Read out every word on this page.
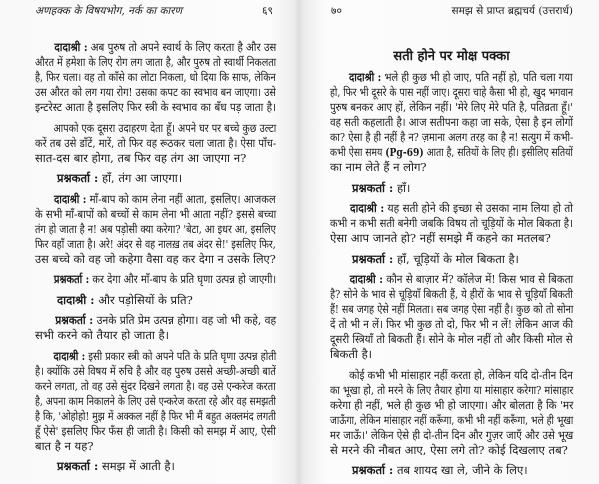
अणहक्क के विषयभोग, नर्क का कारण	६९	७०	समझ से प्राप्त ब्रह्मचर्य (उत्तरार्ध)
सती होने पर मोक्ष पक्का
दादाश्री : अब पुरुष तो अपने स्वार्थ के लिए करता है और उस
औरत में हमेशा के लिए रोग लग जाता है, और पुरुष तो स्वार्थी निकलता
है, फिर चला। वह तो काँसे का लोटा निकला, धो दिया कि साफ, लेकिन
उस औरत को लग गया रोग! उसका कपट का स्वभाव बन जाएगा। उसे
इन्टरेस्ट आता है इसलिए फिर स्त्री के स्वभाव का बँध पड़ जाता है।
आपको एक दूसरा उदाहरण देता हूँ। अपने घर पर बच्चे कुछ उल्टा
करें तब उसे डाँटें, मारें, तो फिर वह रूठकर चला जाता है। ऐसा पाँच-
सात-दस बार होगा, तब फिर वह तंग आ जाएगा न?
प्रश्नकर्ता : हाँ, तंग आ जाएगा।
दादाश्री : माँ-बाप को काम लेना नहीं आता, इसलिए। आजकल
के सभी माँ-बापों को बच्चों से काम लेना भी आता नहीं? इससे बच्चा
तंग हो जाता है न! अब पड़ोसी क्या करेगा? 'बेटा, आ इधर आ, इसलिए
फिर वहाँ जाता है। अरे! अंदर से वह नालख़ तब अंदर से!' इसलिए फिर,
उस बच्चे को वह जो कहेगा वैसा वह कर देगा न उसके लिए?
प्रश्नकर्ता : कर देगा और माँ-बाप के प्रति घृणा उत्पन्न हो जाएगी।
दादाश्री : और पड़ोसियों के प्रति?
प्रश्नकर्ता : उनके प्रति प्रेम उत्पन्न होगा। वह जो भी कहे, वह
सभी करने को तैयार हो जाता है।
दादाश्री : इसी प्रकार स्त्री को अपने पति के प्रति घृणा उत्पन्न होती
है। क्योंकि उसे विषय में रुचि है और वह पुरुष उससे अच्छी-अच्छी बातें
करने लगता, तो वह उसे सुंदर दिखने लगता है। वह उसे एन्करेज करता
है, अपना काम निकालने के लिए उसे एन्करेज करता रहे और वह समझती
है कि, 'ओहोहो! मुझ में अक्कल नहीं है फिर भी मैं बहुत अक्लमंद लगती
हूँ ऐसे' इसलिए फिर फँस ही जाती है। किसी को समझ में आए, ऐसी
बात है न यह?
प्रश्नकर्ता : समझ में आती है।
दादाश्री : भले ही कुछ भी हो जाए, पति नहीं हो, पति चला गया
हो, फिर भी दूसरे के पास नहीं जाए। दूसरा चाहे कैसा भी हो, खुद भगवान
पुरुष बनकर आए हों, लेकिन नहीं। 'मेरे लिए मेरे पति है, पतिव्रता हूँ।'
वह सती कहलाती है। आज सतीपना कहा जा सके, ऐसा है इन लोगों
का? ऐसा है ही नहीं है न? ज़माना अलग तरह का है न! सत्युग में कभी-
कभी ऐसा समय (Pg-69) आता है, सतियों के लिए ही। इसीलिए सतियों
का नाम लेते हैं न लोग?
प्रश्नकर्ता : हाँ।
दादाश्री : यह सती होने की इच्छा से उसका नाम लिया हो तो
कभी न कभी सती बनेगी जबकि विषय तो चूड़ियों के मोल बिकता है।
ऐसा आप जानते हो? नहीं समझे मैं कहने का मतलब?
प्रश्नकर्ता : हाँ, चूड़ियों के मोल बिकता है।
दादाश्री : कौन से बाज़ार में? कॉलेज में! किस भाव से बिकता
है? सोने के भाव से चूड़ियाँ बिकती हैं, ये हीरों के भाव से चूड़ियाँ बिकती
हैं! सब जगह ऐसे नहीं मिलता। सब जगह ऐसा नहीं है। कुछ को तो सोना
दें तो भी न लें। फिर भी कुछ तो दो, फिर भी न लें! लेकिन आज की
दूसरी स्त्रियाँ तो बिकती हैं। सोने के मोल नहीं तो और किसी मोल से
बिकती है।
कोई कभी भी मांसाहार नहीं करता हो, लेकिन यदि दो-तीन दिन
का भूखा हो, तो मरने के लिए तैयार होगा या मांसाहार करेगा? मांसाहार
करेगा ही नहीं, भले ही कुछ भी हो जाएगा। और बोलता है कि 'मर
जाऊँगा, लेकिन मांसाहार नहीं करूँगा, कभी भी नहीं करूँगा, भले ही भूखा
मर जाऊँ।' लेकिन ऐसे ही दो-तीन दिन और गुज़र जाएँ और उसे भूख
से मरने की नौबत आए, ऐसा लगे तो? कोई दिखलाए तब?
प्रश्नकर्ता : तब शायद खा ले, जीने के लिए।
